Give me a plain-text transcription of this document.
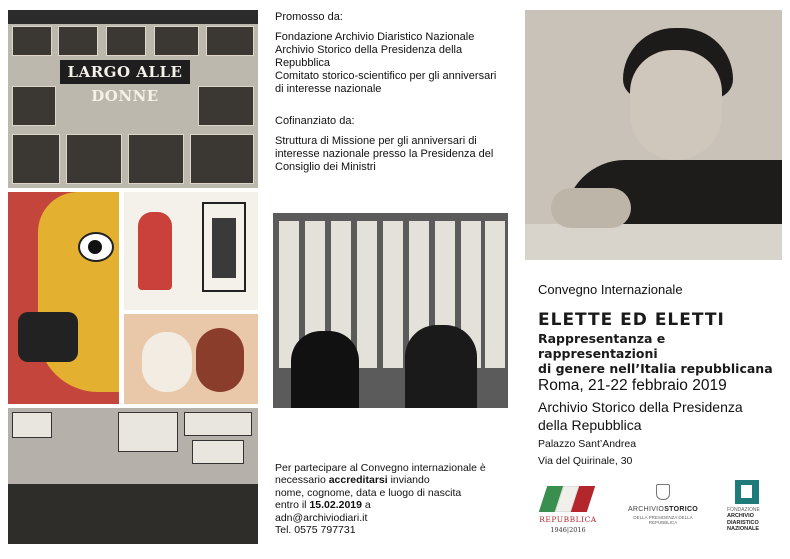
LARGO ALLE DONNE
Promosso da:
Fondazione Archivio Diaristico Nazionale
Archivio Storico della Presidenza della
Repubblica
Comitato storico-scientifico per gli anniversari
di interesse nazionale
Cofinanziato da:
Struttura di Missione per gli anniversari di
interesse nazionale presso la Presidenza del
Consiglio dei Ministri
Convegno Internazionale
ELETTE ED ELETTI
Rappresentanza e rappresentazioni
di genere nell’Italia repubblicana
Roma, 21-22 febbraio 2019
Archivio Storico della Presidenza
della Repubblica
Palazzo Sant’Andrea
Via del Quirinale, 30
Per partecipare al Convegno internazionale è
necessario accreditarsi inviando
nome, cognome, data e luogo di nascita
entro il 15.02.2019 a
adn@archiviodiari.it
Tel. 0575 797731
REPUBBLICA
1946|2016
ARCHIVIOSTORICO
DELLA PRESIDENZA DELLA REPUBBLICA
FONDAZIONE
ARCHIVIO DIARISTICO NAZIONALE
